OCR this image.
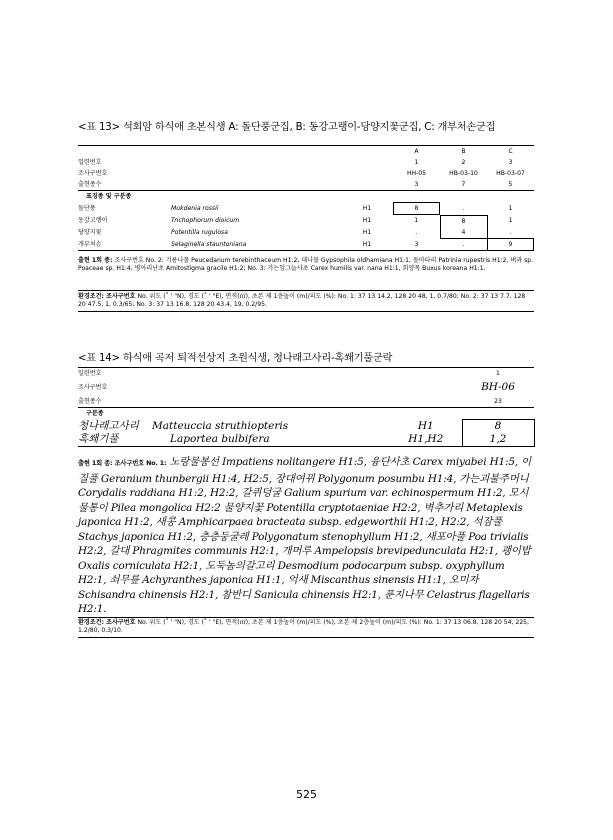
<표 13> 석회암 하식애 초본식생 A: 돌단풍군집, B: 동강고랭이-당양지꽃군집, C: 개부처손군집
			A	B	C
일련번호			1	2	3
조사구번호			HH-05	HB-03-10	HB-03-07
출현종수			3	7	5
표징종 및 구분종					
돌단풍	Mukdenia rossii	H1	8	.	1
동강고랭이	Trichophorum dioicum	H1	1	8	1
당양지꽃	Potentilla rugulosa	H1	.	4	.
개부처손	Selaginella stauntoniana	H1	3	.	9
출현 1회 종: 조사구번호 No. 2: 기름나물 Peucedanum terebinthaceum H1:2, 대나물 Gypsophila oldhamiana H1:1, 돌마타리 Patrinia rupestris H1:2, 벼과 sp. Poaceae sp. H1:4, 병아리난초 Amitostigma gracile H1:2; No. 3: 가는잎그늘사초 Carex humilis var. nana H1:1, 회양목 Buxus koreana H1:1.
환경조건: 조사구번호 No. 위도 (˚ ' "N), 경도 (˚ ' "E), 면적(㎡), 초본 제 1층높이 (m)/피도 (%): No. 1: 37 13 14.2, 128 20 48, 1, 0.7/80; No. 2: 37 13 7.7, 128 20 47.5, 1, 0.3/65; No. 3: 37 13 16.8, 128 20 43.4, 19, 0.2/95.
<표 14> 하식애 곡저 퇴적선상지 초원식생, 청나래고사리-혹쐐기풀군락
일련번호			1
조사구번호			BH-06
출현종수			23
구분종			
청나래고사리	Matteuccia struthiopteris	H1	8
혹쐐기풀	Laportea bulbifera	H1,H2	1,2
출현 1회 종: 조사구번호 No. 1: 노랑물봉선 Impatiens nolitangere H1:5, 융단사초 Carex miyabei H1:5, 이질풀 Geranium thunbergii H1:4, H2:5, 장대여뀌 Polygonum posumbu H1:4, 가는괴불주머니 Corydalis raddiana H1:2, H2:2, 갈퀴덩굴 Galium spurium var. echinospermum H1:2, 모시물통이 Pilea mongolica H2:2 물양지꽃 Potentilla cryptotaeniae H2:2, 벽추가리 Metaplexis japonica H1:2, 새콩 Amphicarpaea bracteata subsp. edgeworthii H1:2, H2:2, 석잠풀 Stachys japonica H1:2, 층층둥굴레 Polygonatum stenophyllum H1:2, 새포아풀 Poa trivialis H2:2, 갈대 Phragmites communis H2:1, 개머루 Ampelopsis brevipedunculata H2:1, 괭이밥 Oxalis corniculata H2:1, 도둑놈의갈고리 Desmodium podocarpum subsp. oxyphyllum H2:1, 쇠무릎 Achyranthes japonica H1:1, 억새 Miscanthus sinensis H1:1, 오미자 Schisandra chinensis H2:1, 참반디 Sanicula chinensis H2:1, 푼지나무 Celastrus flagellaris H2:1.
환경조건: 조사구번호 No. 위도 (˚ ' "N), 경도 (˚ ' "E), 면적(㎡), 초본 제 1층높이 (m)/피도 (%), 초본 제 2층높이 (m)/피도 (%): No. 1: 37 13 06.8, 128 20 54, 225, 1.2/80, 0.3/10.
525
